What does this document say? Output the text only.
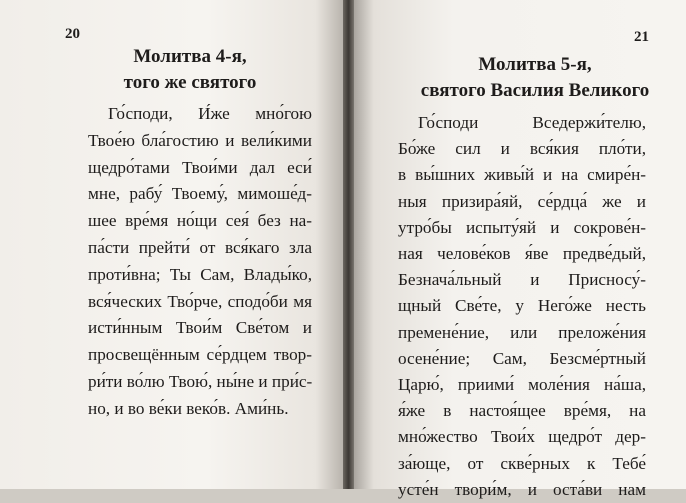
20	21
Молитва 4-я,
того же святого
Молитва 5-я,
святого Василия Великого
Го́споди, И́же мно́гою
Твое́ю бла́гостию и вели́кими
щедро́тами Твои́ми дал еси́
мне, рабу́ Твоему́, мимоше́д-
шее вре́мя но́щи сея́ без на-
па́сти прейти́ от вся́каго зла
проти́вна; Ты Сам, Влады́ко,
вся́ческих Тво́рче, сподо́би мя
исти́нным Твои́м Све́том и
просвещённым се́рдцем твор-
ри́ти во́лю Твою́, ны́не и при́с-
но, и во ве́ки веко́в. Ами́нь.
Го́споди Вседержи́телю,
Бо́же сил и вся́кия пло́ти,
в вы́шних живы́й и на смире́н-
ныя призира́яй, се́рдца́ же и
утро́бы испыту́яй и сокрове́н-
ная челове́ков я́ве предве́дый,
Безнача́льный и Присносу́-
щный Све́те, у Него́же несть
премене́ние, или преложе́ния
осене́ние; Сам, Безсме́ртный
Царю́, приими́ моле́ния на́ша,
я́же в настоя́щее вре́мя, на
мно́жество Твои́х щедро́т дер-
за́юще, от скве́рных к Тебе́
усте́н твори́м, и оста́ви нам
